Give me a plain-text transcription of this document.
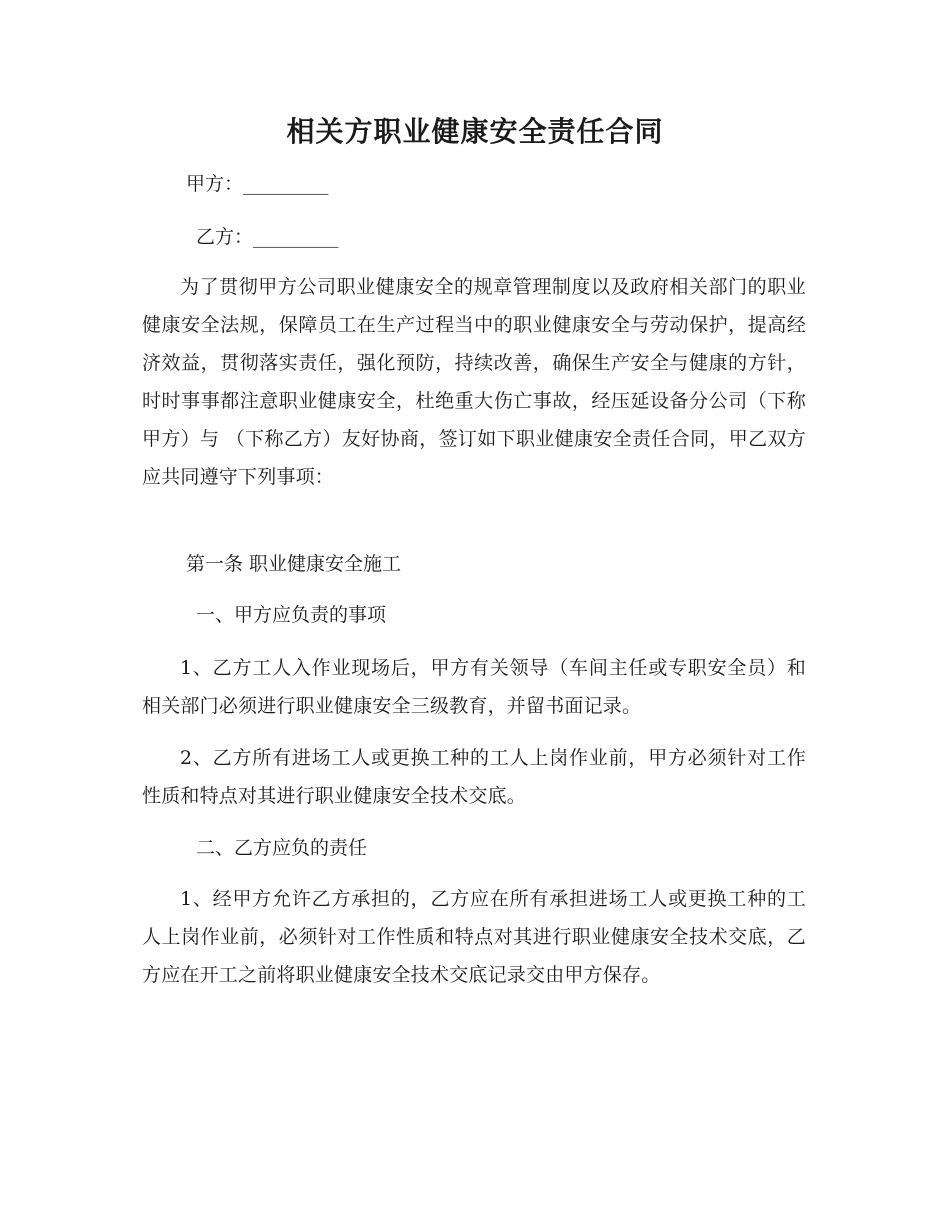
相关方职业健康安全责任合同

甲方：_________

乙方：_________

为了贯彻甲方公司职业健康安全的规章管理制度以及政府相关部门的职业健康安全法规，保障员工在生产过程当中的职业健康安全与劳动保护，提高经济效益，贯彻落实责任，强化预防，持续改善，确保生产安全与健康的方针，时时事事都注意职业健康安全，杜绝重大伤亡事故，经压延设备分公司（下称甲方）与 （下称乙方）友好协商，签订如下职业健康安全责任合同，甲乙双方应共同遵守下列事项：

第一条 职业健康安全施工

一、甲方应负责的事项

1、乙方工人入作业现场后，甲方有关领导（车间主任或专职安全员）和相关部门必须进行职业健康安全三级教育，并留书面记录。

2、乙方所有进场工人或更换工种的工人上岗作业前，甲方必须针对工作性质和特点对其进行职业健康安全技术交底。

二、乙方应负的责任

1、经甲方允许乙方承担的，乙方应在所有承担进场工人或更换工种的工人上岗作业前，必须针对工作性质和特点对其进行职业健康安全技术交底，乙方应在开工之前将职业健康安全技术交底记录交由甲方保存。
